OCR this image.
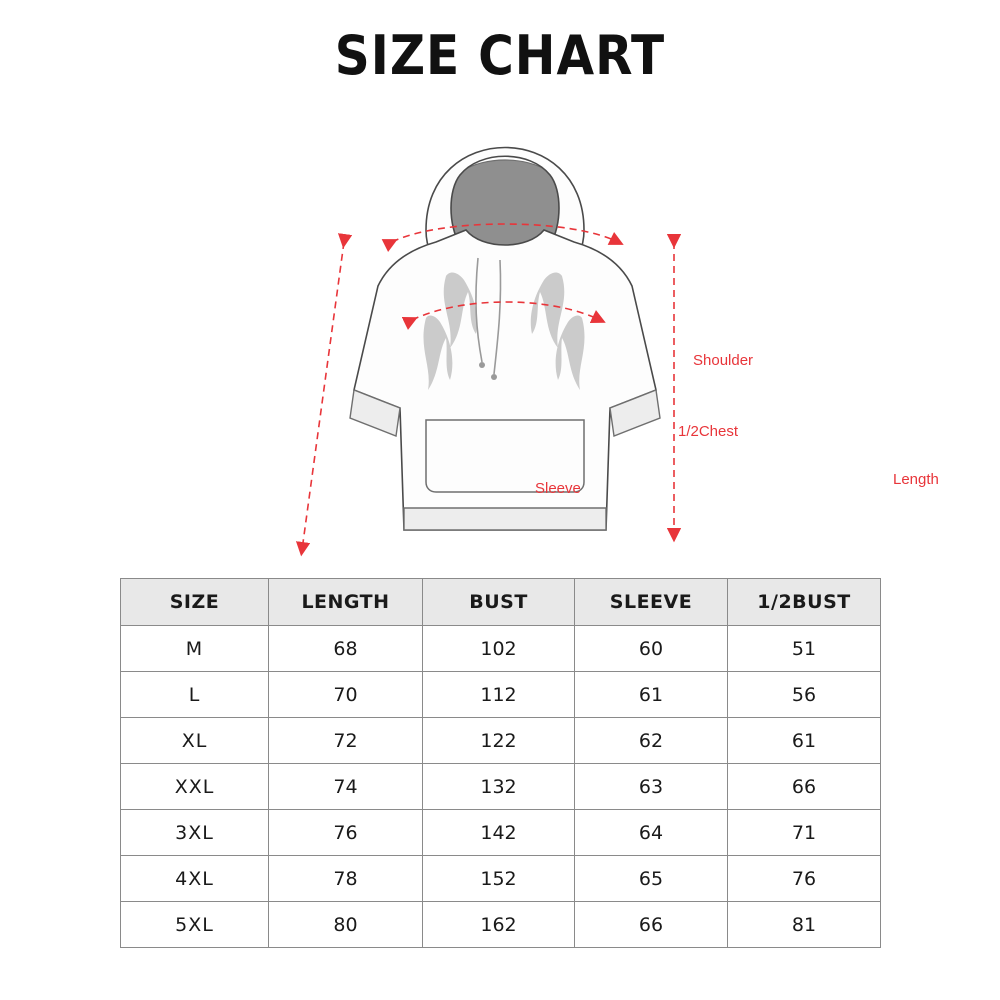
SIZE CHART
Shoulder
1/2Chest
Sleeve
Length
SIZE	LENGTH	BUST	SLEEVE	1/2BUST
M	68	102	60	51
L	70	112	61	56
XL	72	122	62	61
XXL	74	132	63	66
3XL	76	142	64	71
4XL	78	152	65	76
5XL	80	162	66	81
